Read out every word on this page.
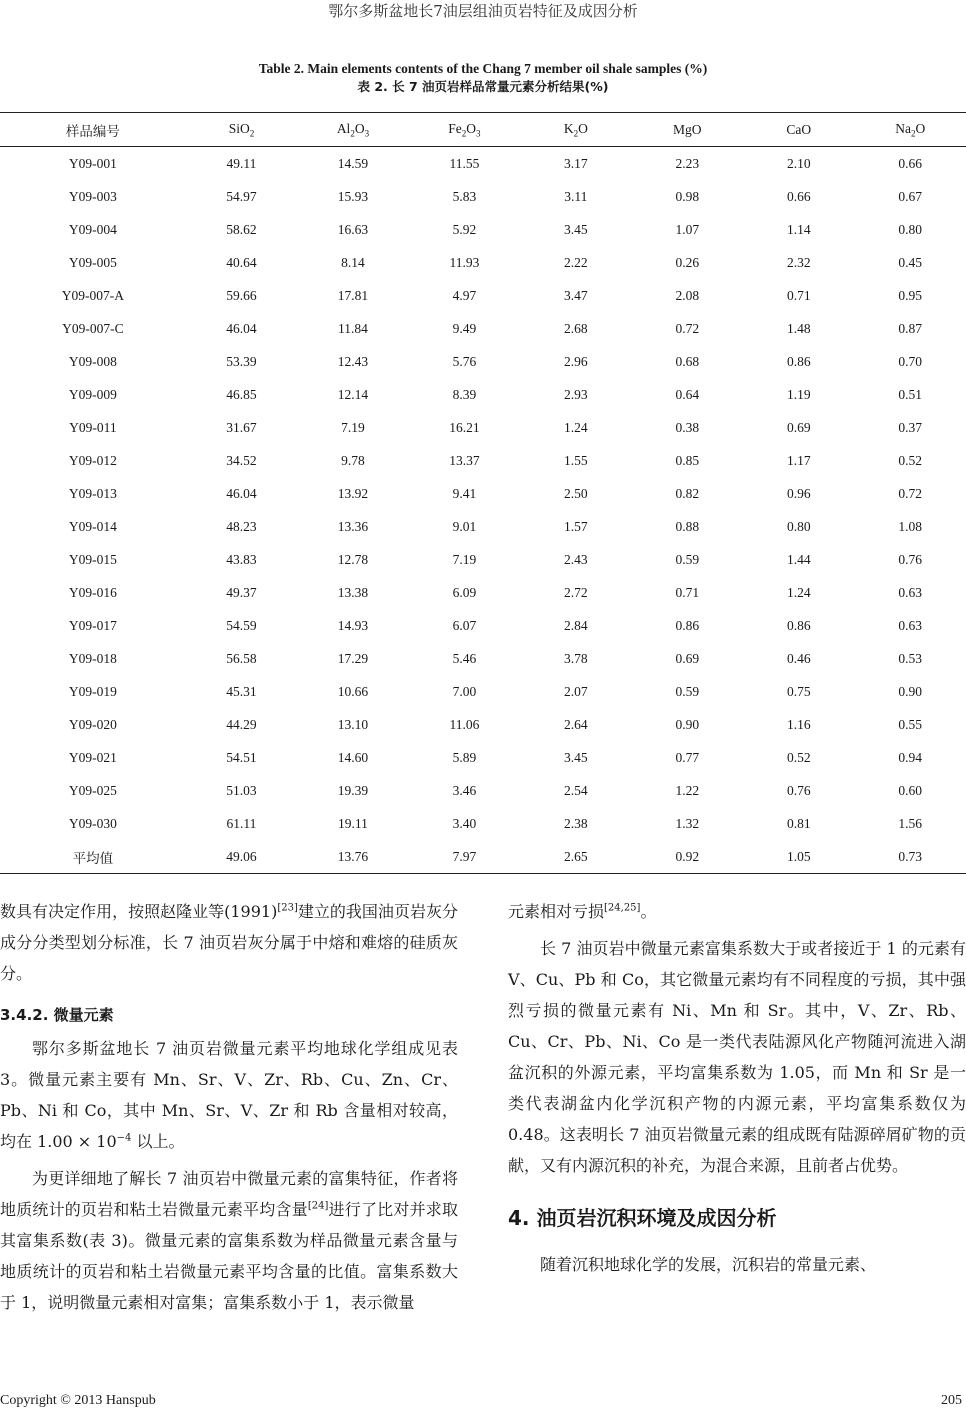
鄂尔多斯盆地长7油层组油页岩特征及成因分析
Table 2. Main elements contents of the Chang 7 member oil shale samples (%)
表 2. 长 7 油页岩样品常量元素分析结果(%)
样品编号	SiO$_2$	$Al_2O_3$	$Fe_2O_3$	$K_2O$	MgO	CaO	$Na_2O$
Y09-001	49.11	14.59	11.55	3.17	2.23	2.10	0.66
Y09-003	54.97	15.93	5.83	3.11	0.98	0.66	0.67
Y09-004	58.62	16.63	5.92	3.45	1.07	1.14	0.80
Y09-005	40.64	8.14	11.93	2.22	0.26	2.32	0.45
Y09-007-A	59.66	17.81	4.97	3.47	2.08	0.71	0.95
Y09-007-C	46.04	11.84	9.49	2.68	0.72	1.48	0.87
Y09-008	53.39	12.43	5.76	2.96	0.68	0.86	0.70
Y09-009	46.85	12.14	8.39	2.93	0.64	1.19	0.51
Y09-011	31.67	7.19	16.21	1.24	0.38	0.69	0.37
Y09-012	34.52	9.78	13.37	1.55	0.85	1.17	0.52
Y09-013	46.04	13.92	9.41	2.50	0.82	0.96	0.72
Y09-014	48.23	13.36	9.01	1.57	0.88	0.80	1.08
Y09-015	43.83	12.78	7.19	2.43	0.59	1.44	0.76
Y09-016	49.37	13.38	6.09	2.72	0.71	1.24	0.63
Y09-017	54.59	14.93	6.07	2.84	0.86	0.86	0.63
Y09-018	56.58	17.29	5.46	3.78	0.69	0.46	0.53
Y09-019	45.31	10.66	7.00	2.07	0.59	0.75	0.90
Y09-020	44.29	13.10	11.06	2.64	0.90	1.16	0.55
Y09-021	54.51	14.60	5.89	3.45	0.77	0.52	0.94
Y09-025	51.03	19.39	3.46	2.54	1.22	0.76	0.60
Y09-030	61.11	19.11	3.40	2.38	1.32	0.81	1.56
平均值	49.06	13.76	7.97	2.65	0.92	1.05	0.73

数具有决定作用，按照赵隆业等(1991)[23]建立的我国油页岩灰分成分分类型划分标准，长 7 油页岩灰分属于中熔和难熔的硅质灰分。

3.4.2. 微量元素

鄂尔多斯盆地长 7 油页岩微量元素平均地球化学组成见表 3。微量元素主要有 Mn、Sr、V、Zr、Rb、Cu、Zn、Cr、Pb、Ni 和 Co，其中 Mn、Sr、V、Zr 和 Rb 含量相对较高，均在 $1.00 \times 10^{-4}$ 以上。

为更详细地了解长 7 油页岩中微量元素的富集特征，作者将地质统计的页岩和粘土岩微量元素平均含量[24]进行了比对并求取其富集系数(表 3)。微量元素的富集系数为样品微量元素含量与地质统计的页岩和粘土岩微量元素平均含量的比值。富集系数大于 1，说明微量元素相对富集；富集系数小于 1，表示微量

元素相对亏损[24,25]。

长 7 油页岩中微量元素富集系数大于或者接近于 1 的元素有 V、Cu、Pb 和 Co，其它微量元素均有不同程度的亏损，其中强烈亏损的微量元素有 Ni、Mn 和 Sr。其中，V、Zr、Rb、Cu、Cr、Pb、Ni、Co 是一类代表陆源风化产物随河流进入湖盆沉积的外源元素，平均富集系数为 1.05，而 Mn 和 Sr 是一类代表湖盆内化学沉积产物的内源元素，平均富集系数仅为 0.48。这表明长 7 油页岩微量元素的组成既有陆源碎屑矿物的贡献，又有内源沉积的补充，为混合来源，且前者占优势。

4. 油页岩沉积环境及成因分析

随着沉积地球化学的发展，沉积岩的常量元素、

Copyright © 2013 Hanspub	205
